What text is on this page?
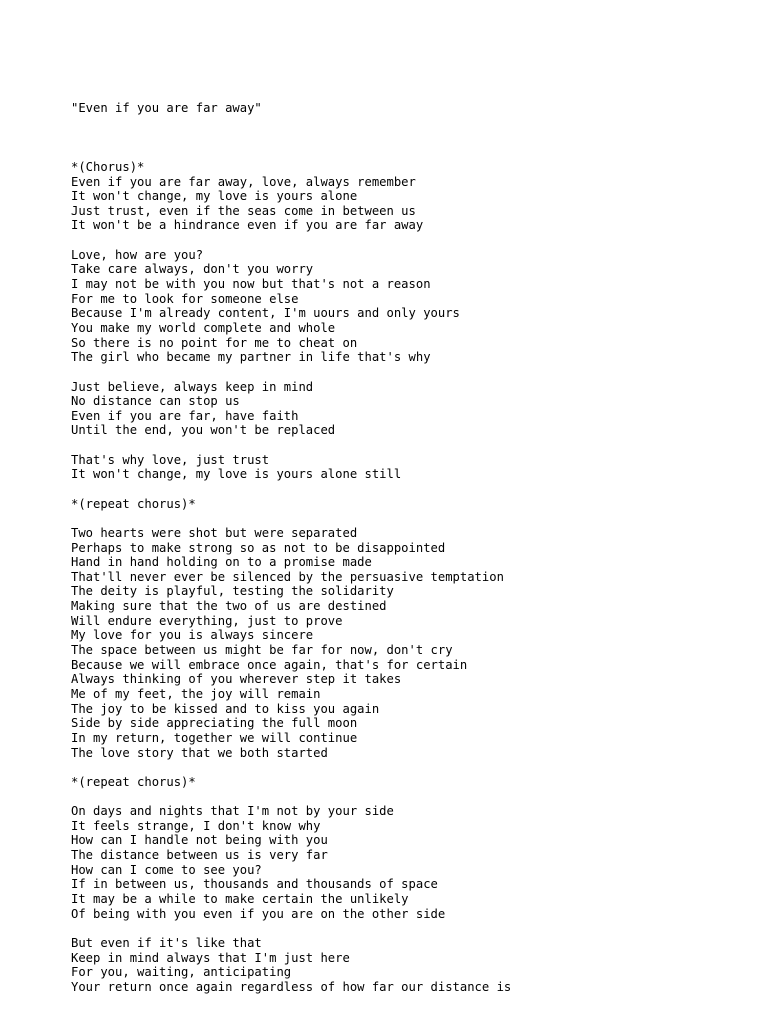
"Even if you are far away"

*(Chorus)*
Even if you are far away, love, always remember
It won't change, my love is yours alone
Just trust, even if the seas come in between us
It won't be a hindrance even if you are far away
Love, how are you?
Take care always, don't you worry
I may not be with you now but that's not a reason
For me to look for someone else
Because I'm already content, I'm uours and only yours
You make my world complete and whole
So there is no point for me to cheat on
The girl who became my partner in life that's why
Just believe, always keep in mind
No distance can stop us
Even if you are far, have faith
Until the end, you won't be replaced
That's why love, just trust
It won't change, my love is yours alone still
*(repeat chorus)*
Two hearts were shot but were separated
Perhaps to make strong so as not to be disappointed
Hand in hand holding on to a promise made
That'll never ever be silenced by the persuasive temptation
The deity is playful, testing the solidarity
Making sure that the two of us are destined
Will endure everything, just to prove
My love for you is always sincere
The space between us might be far for now, don't cry
Because we will embrace once again, that's for certain
Always thinking of you wherever step it takes
Me of my feet, the joy will remain
The joy to be kissed and to kiss you again
Side by side appreciating the full moon
In my return, together we will continue
The love story that we both started
*(repeat chorus)*
On days and nights that I'm not by your side
It feels strange, I don't know why
How can I handle not being with you
The distance between us is very far
How can I come to see you?
If in between us, thousands and thousands of space
It may be a while to make certain the unlikely
Of being with you even if you are on the other side
But even if it's like that
Keep in mind always that I'm just here
For you, waiting, anticipating
Your return once again regardless of how far our distance is
